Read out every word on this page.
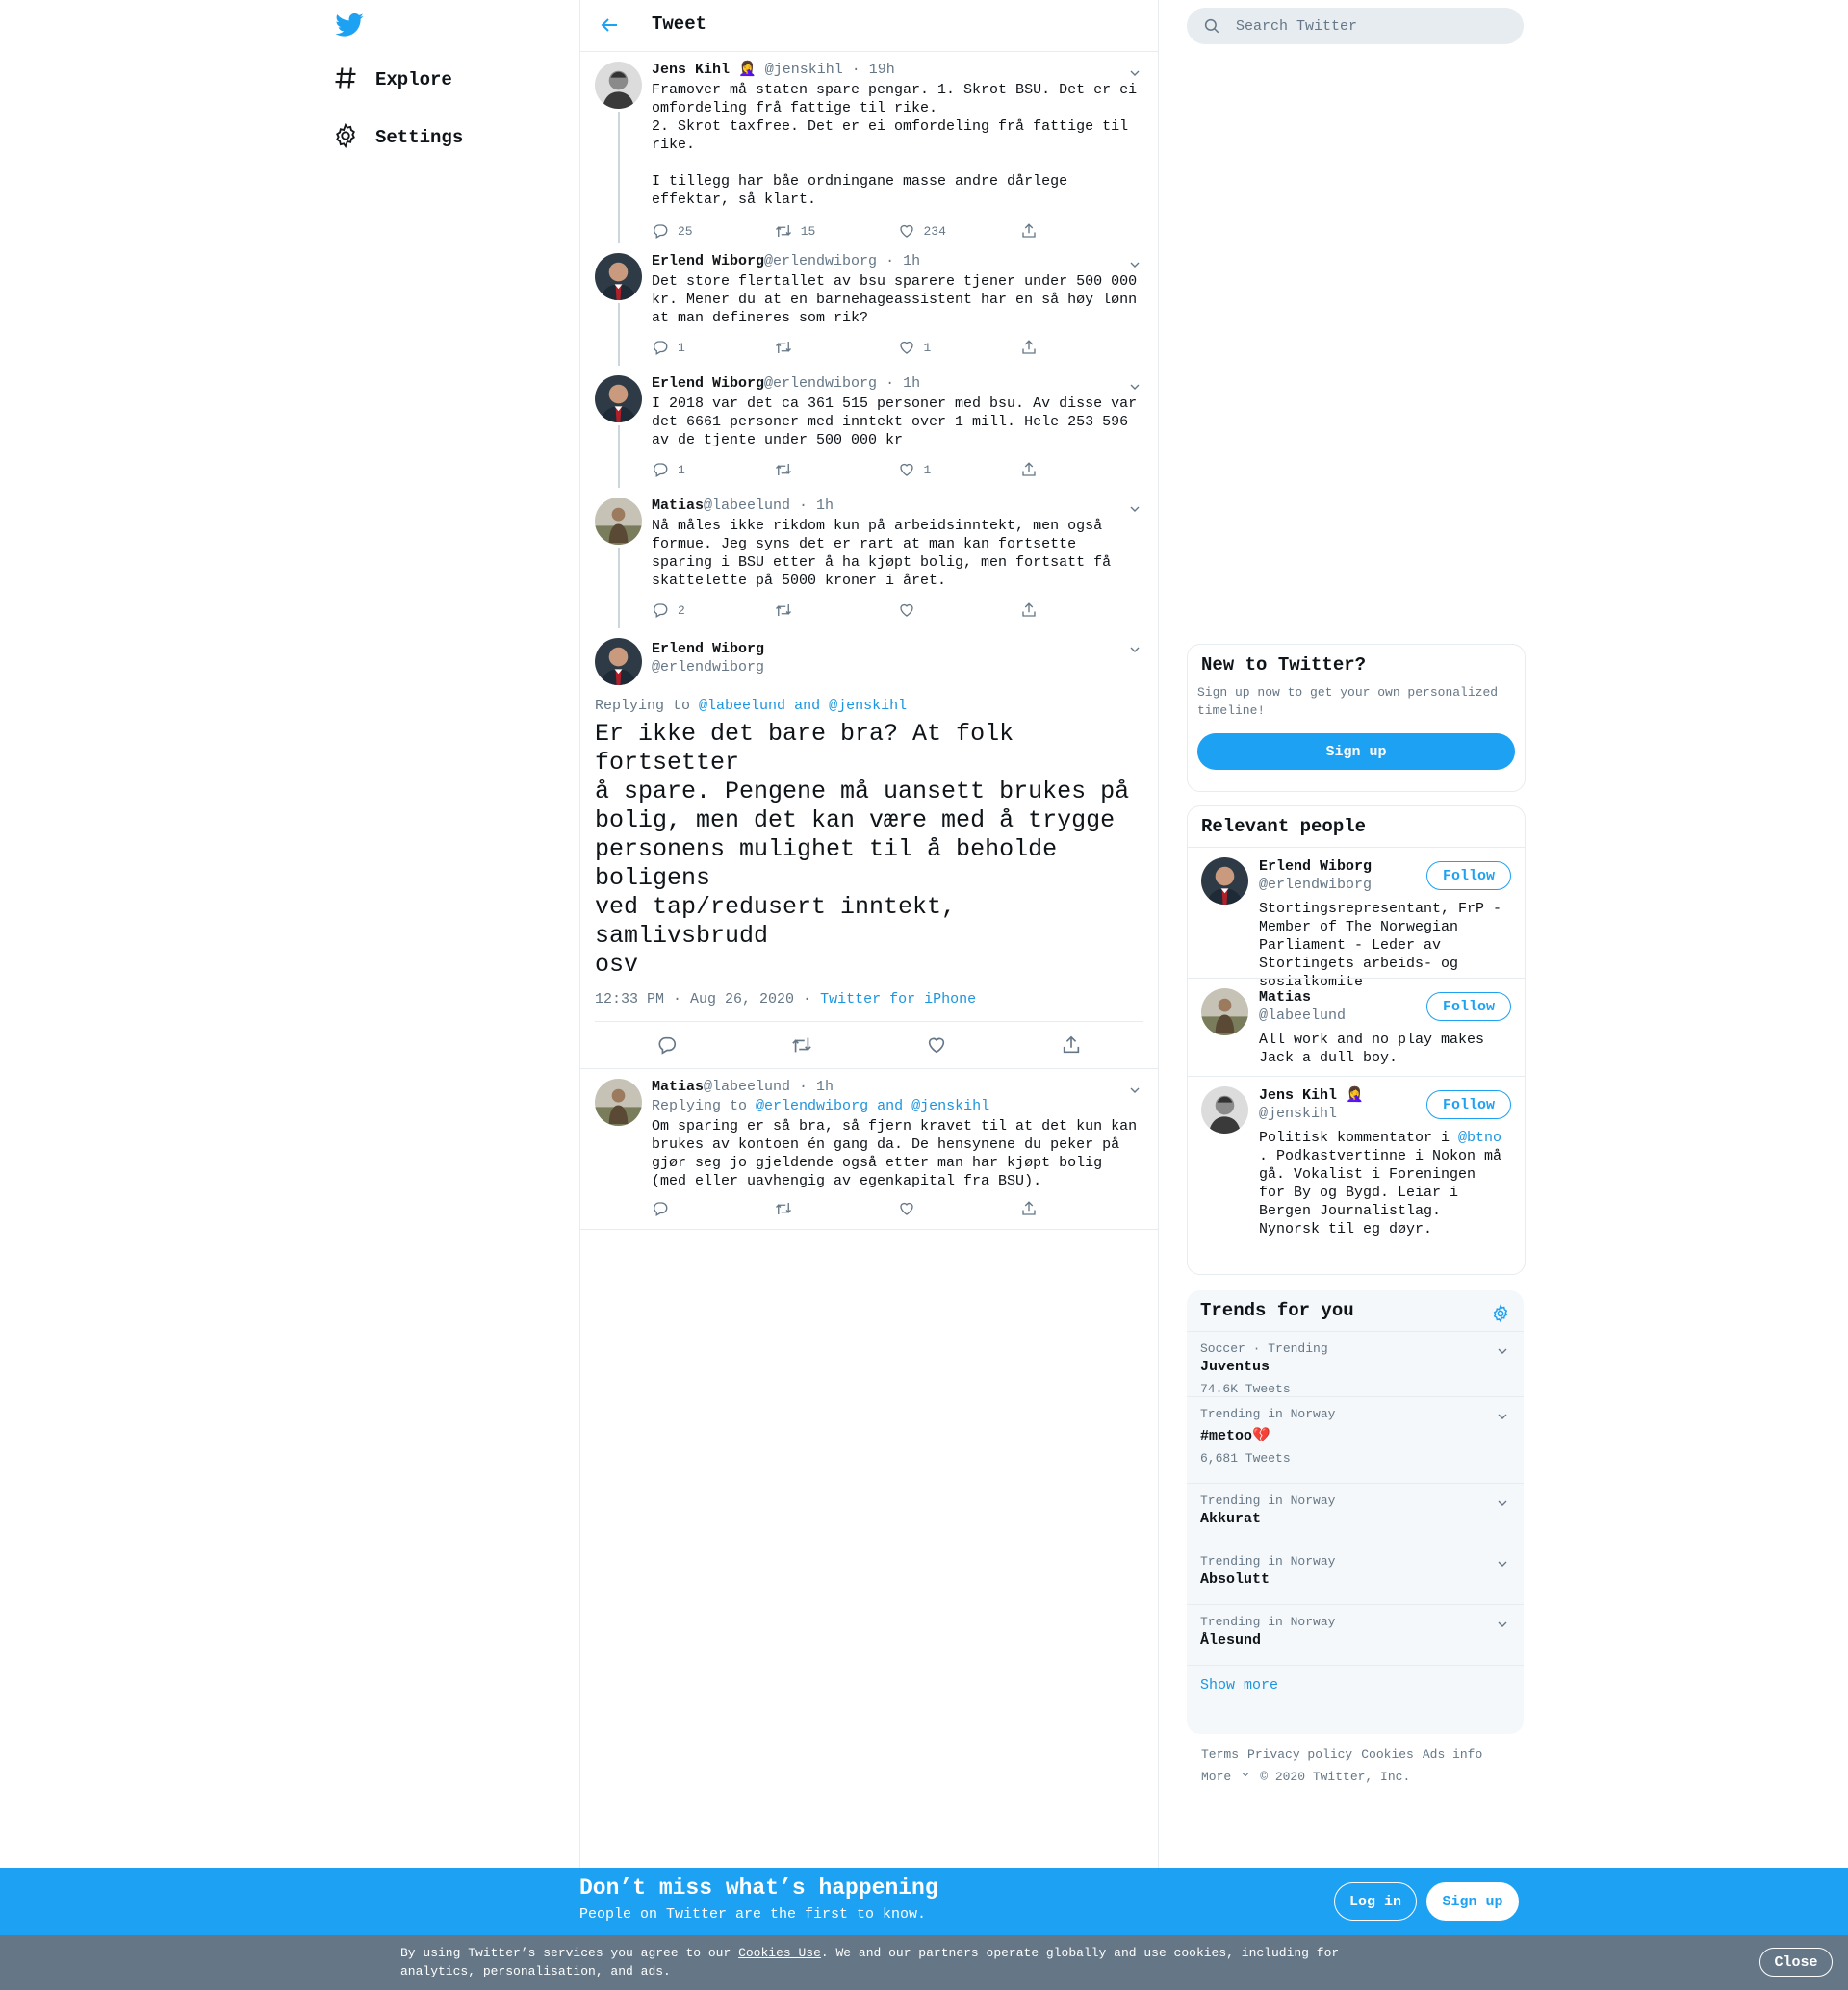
Explore
Settings
Tweet
Jens Kihl 🤦‍♀️ @jenskihl · 19h
Framover må staten spare pengar. 1. Skrot BSU. Det er ei
omfordeling frå fattige til rike.
2. Skrot taxfree. Det er ei omfordeling frå fattige til
rike.

I tillegg har båe ordningane masse andre dårlege
effektar, så klart.
25	15	234
Erlend Wiborg@erlendwiborg · 1h
Det store flertallet av bsu sparere tjener under 500 000
kr. Mener du at en barnehageassistent har en så høy lønn
at man defineres som rik?
1	1
Erlend Wiborg@erlendwiborg · 1h
I 2018 var det ca 361 515 personer med bsu. Av disse var
det 6661 personer med inntekt over 1 mill. Hele 253 596
av de tjente under 500 000 kr
1	1
Matias@labeelund · 1h
Nå måles ikke rikdom kun på arbeidsinntekt, men også
formue. Jeg syns det er rart at man kan fortsette
sparing i BSU etter å ha kjøpt bolig, men fortsatt få
skattelette på 5000 kroner i året.
2
Erlend Wiborg
@erlendwiborg
Replying to @labeelund and @jenskihl
Er ikke det bare bra? At folk fortsetter
å spare. Pengene må uansett brukes på
bolig, men det kan være med å trygge
personens mulighet til å beholde boligens
ved tap/redusert inntekt, samlivsbrudd
osv
12:33 PM · Aug 26, 2020 · Twitter for iPhone
Matias@labeelund · 1h
Replying to @erlendwiborg and @jenskihl
Om sparing er så bra, så fjern kravet til at det kun kan
brukes av kontoen én gang da. De hensynene du peker på
gjør seg jo gjeldende også etter man har kjøpt bolig
(med eller uavhengig av egenkapital fra BSU).
Search Twitter
New to Twitter?
Sign up now to get your own personalized
timeline!
Sign up
Relevant people
Erlend Wiborg
@erlendwiborg
Stortingsrepresentant, FrP -
Member of The Norwegian
Parliament - Leder av
Stortingets arbeids- og
sosialkomite
Follow
Matias
@labeelund
All work and no play makes
Jack a dull boy.
Follow
Jens Kihl 🤦‍♀️
@jenskihl
Politisk kommentator i @btno
. Podkastvertinne i Nokon må
gå. Vokalist i Foreningen
for By og Bygd. Leiar i
Bergen Journalistlag.
Nynorsk til eg døyr.
Follow
Trends for you
Soccer · Trending
Juventus
74.6K Tweets
Trending in Norway
#metoo💔
6,681 Tweets
Trending in Norway
Akkurat
Trending in Norway
Absolutt
Trending in Norway
Ålesund
Show more
Terms Privacy policy Cookies Ads info
More © 2020 Twitter, Inc.
Don’t miss what’s happening
People on Twitter are the first to know.
Log in	Sign up
By using Twitter’s services you agree to our Cookies Use. We and our partners operate globally and use cookies, including for
analytics, personalisation, and ads.
Close
